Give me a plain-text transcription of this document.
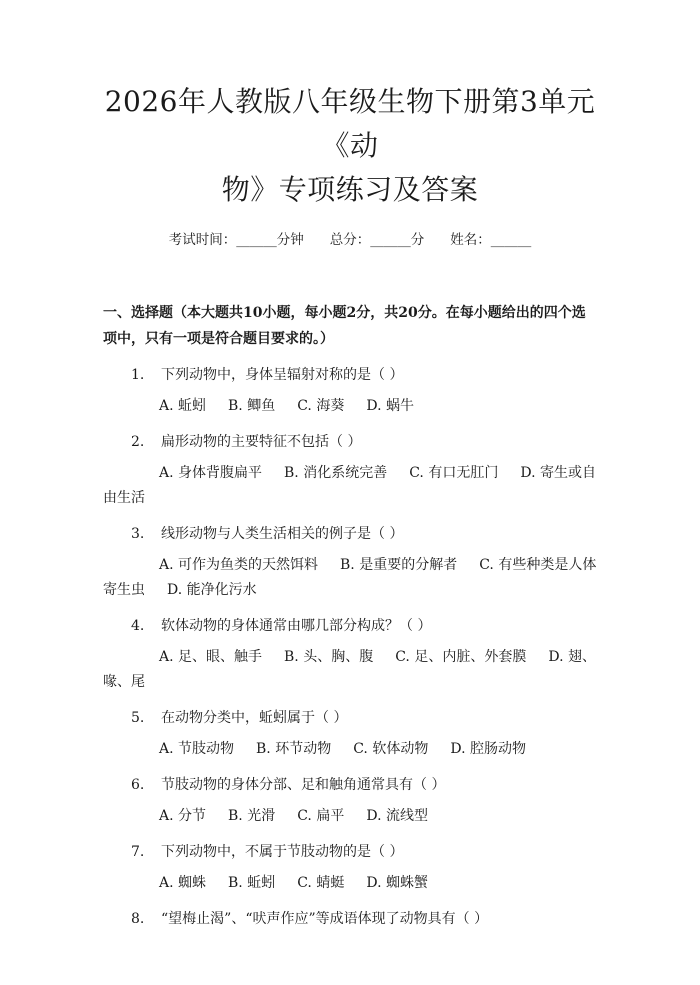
2026年人教版八年级生物下册第3单元《动
物》专项练习及答案
考试时间：______分钟 总分：______分 姓名：______
一、选择题（本大题共10小题，每小题2分，共20分。在每小题给出的四个选
项中，只有一项是符合题目要求的。）
1. 下列动物中，身体呈辐射对称的是（ ）
A. 蚯蚓 B. 鲫鱼 C. 海葵 D. 蜗牛
2. 扁形动物的主要特征不包括（ ）
A. 身体背腹扁平 B. 消化系统完善 C. 有口无肛门 D. 寄生或自由生活
3. 线形动物与人类生活相关的例子是（ ）
A. 可作为鱼类的天然饵料 B. 是重要的分解者 C. 有些种类是人体寄生虫 D. 能净化污水
4. 软体动物的身体通常由哪几部分构成？（ ）
A. 足、眼、触手 B. 头、胸、腹 C. 足、内脏、外套膜 D. 翅、喙、尾
5. 在动物分类中，蚯蚓属于（ ）
A. 节肢动物 B. 环节动物 C. 软体动物 D. 腔肠动物
6. 节肢动物的身体分部、足和触角通常具有（ ）
A. 分节 B. 光滑 C. 扁平 D. 流线型
7. 下列动物中，不属于节肢动物的是（ ）
A. 蜘蛛 B. 蚯蚓 C. 蜻蜓 D. 蜘蛛蟹
8. “望梅止渴”、“吠声作应”等成语体现了动物具有（ ）
